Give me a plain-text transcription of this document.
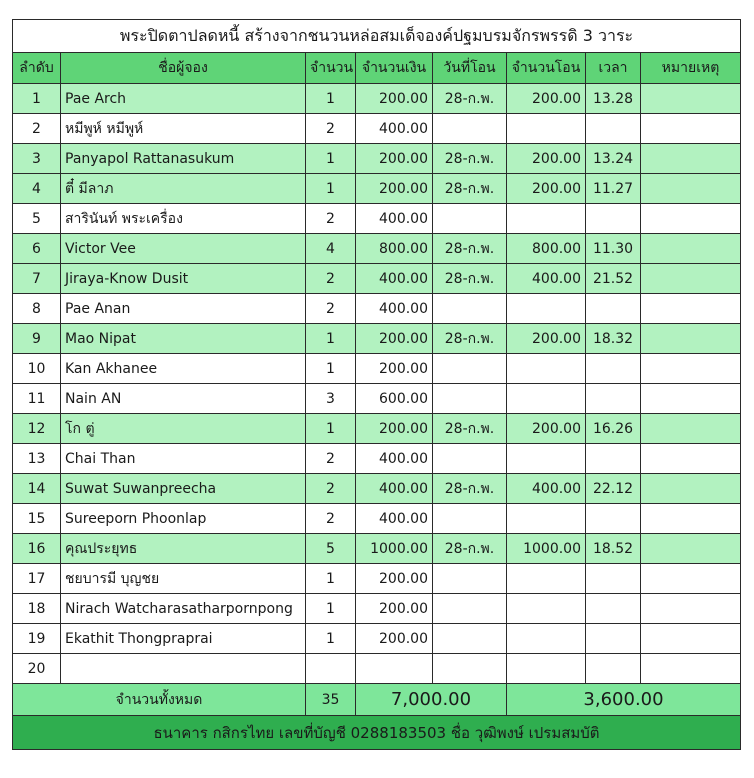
พระปิดตาปลดหนี้ สร้างจากชนวนหล่อสมเด็จองค์ปฐมบรมจักรพรรดิ 3 วาระ							
ลำดับ	ชื่อผู้จอง	จำนวน	จำนวนเงิน	วันที่โอน	จำนวนโอน	เวลา	หมายเหตุ
1	Pae Arch	1	200.00	28-ก.พ.	200.00	13.28	
2	หมีพูห์ หมีพูห์	2	400.00				
3	Panyapol Rattanasukum	1	200.00	28-ก.พ.	200.00	13.24	
4	ตี๋ มีลาภ	1	200.00	28-ก.พ.	200.00	11.27	
5	สารินันท์ พระเครื่อง	2	400.00				
6	Victor Vee	4	800.00	28-ก.พ.	800.00	11.30	
7	Jiraya-Know Dusit	2	400.00	28-ก.พ.	400.00	21.52	
8	Pae Anan	2	400.00				
9	Mao Nipat	1	200.00	28-ก.พ.	200.00	18.32	
10	Kan Akhanee	1	200.00				
11	Nain AN	3	600.00				
12	โก ตู่	1	200.00	28-ก.พ.	200.00	16.26	
13	Chai Than	2	400.00				
14	Suwat Suwanpreecha	2	400.00	28-ก.พ.	400.00	22.12	
15	Sureeporn Phoonlap	2	400.00				
16	คุณประยุทธ	5	1000.00	28-ก.พ.	1000.00	18.52	
17	ชยบารมี บุญชย	1	200.00				
18	Nirach Watcharasatharpornpong	1	200.00				
19	Ekathit Thongpraprai	1	200.00				
20							
จำนวนทั้งหมด		35	7,000.00		3,600.00		
ธนาคาร กสิกรไทย เลขที่บัญชี 0288183503 ชื่อ วุฒิพงษ์ เปรมสมบัติ							
